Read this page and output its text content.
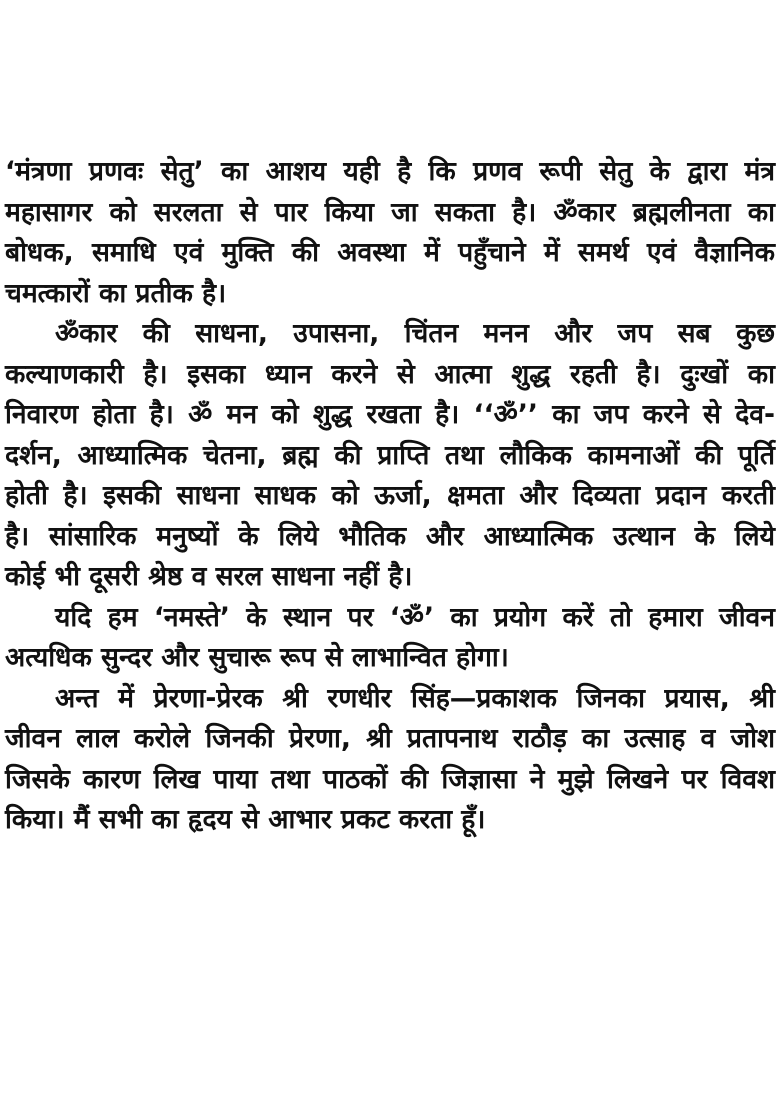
‘मंत्रणा प्रणवः सेतु’ का आशय यही है कि प्रणव रूपी सेतु के द्वारा मंत्र
महासागर को सरलता से पार किया जा सकता है। ॐकार ब्रह्मलीनता का
बोधक, समाधि एवं मुक्ति की अवस्था में पहुँचाने में समर्थ एवं वैज्ञानिक
चमत्कारों का प्रतीक है।
ॐकार की साधना, उपासना, चिंतन मनन और जप सब कुछ
कल्याणकारी है। इसका ध्यान करने से आत्मा शुद्ध रहती है। दुःखों का
निवारण होता है। ॐ मन को शुद्ध रखता है। ‘‘ॐ’’ का जप करने से देव-
दर्शन, आध्यात्मिक चेतना, ब्रह्म की प्राप्ति तथा लौकिक कामनाओं की पूर्ति
होती है। इसकी साधना साधक को ऊर्जा, क्षमता और दिव्यता प्रदान करती
है। सांसारिक मनुष्यों के लिये भौतिक और आध्यात्मिक उत्थान के लिये
कोई भी दूसरी श्रेष्ठ व सरल साधना नहीं है।
यदि हम ‘नमस्ते’ के स्थान पर ‘ॐ’ का प्रयोग करें तो हमारा जीवन
अत्यधिक सुन्दर और सुचारू रूप से लाभान्वित होगा।
अन्त में प्रेरणा-प्रेरक श्री रणधीर सिंह—प्रकाशक जिनका प्रयास, श्री
जीवन लाल करोले जिनकी प्रेरणा, श्री प्रतापनाथ राठौड़ का उत्साह व जोश
जिसके कारण लिख पाया तथा पाठकों की जिज्ञासा ने मुझे लिखने पर विवश
किया। मैं सभी का हृदय से आभार प्रकट करता हूँ।
